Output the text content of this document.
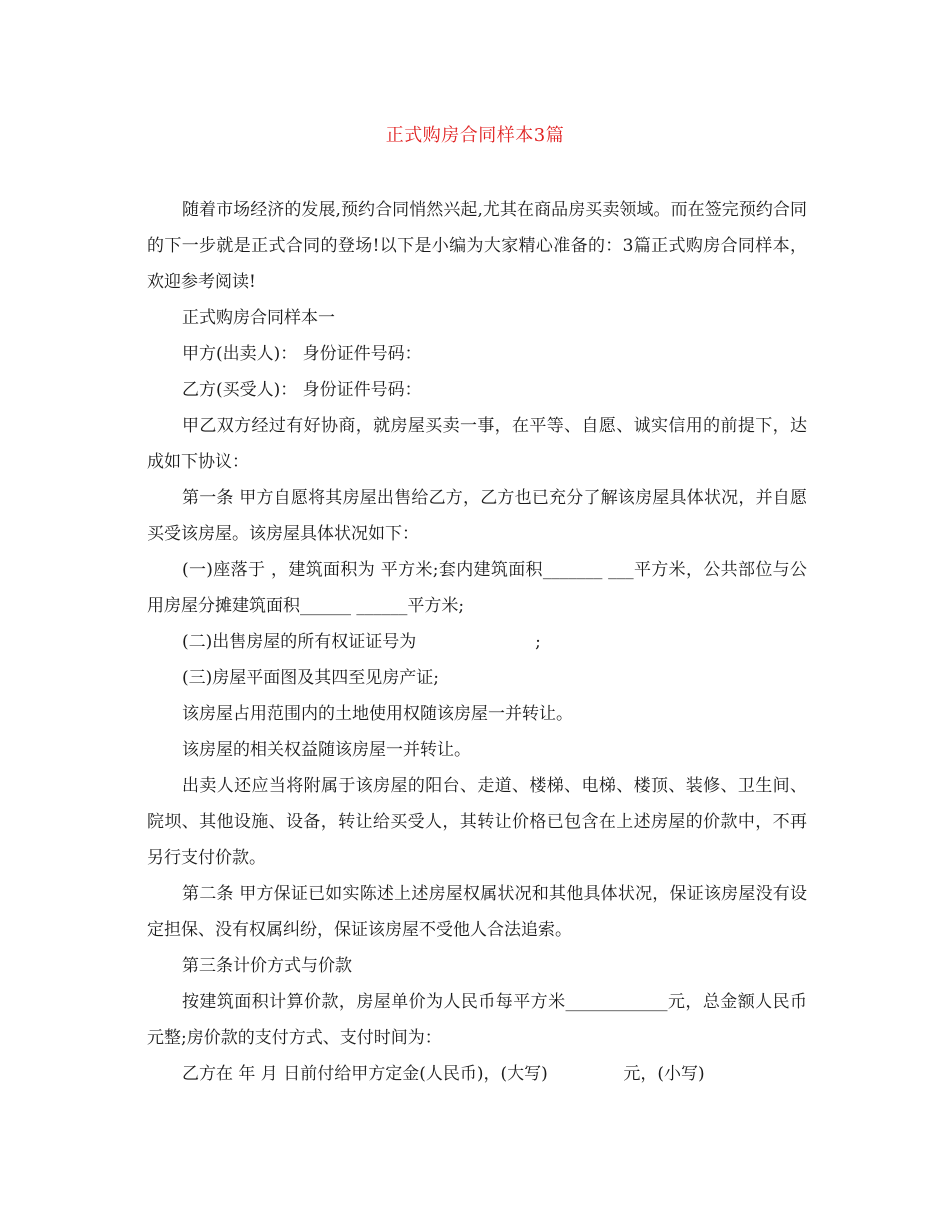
正式购房合同样本3篇

随着市场经济的发展,预约合同悄然兴起,尤其在商品房买卖领域。而在签完预约合同的下一步就是正式合同的登场!以下是小编为大家精心准备的：3篇正式购房合同样本，欢迎参考阅读!

正式购房合同样本一

甲方(出卖人)： 身份证件号码：

乙方(买受人)： 身份证件号码：

甲乙双方经过有好协商，就房屋买卖一事，在平等、自愿、诚实信用的前提下，达成如下协议：

第一条 甲方自愿将其房屋出售给乙方，乙方也已充分了解该房屋具体状况，并自愿买受该房屋。该房屋具体状况如下：

(一)座落于 ，建筑面积为 平方米;套内建筑面积_______ ___平方米，公共部位与公用房屋分摊建筑面积______ ______平方米;

(二)出售房屋的所有权证证号为                      ;

(三)房屋平面图及其四至见房产证;

该房屋占用范围内的土地使用权随该房屋一并转让。

该房屋的相关权益随该房屋一并转让。

出卖人还应当将附属于该房屋的阳台、走道、楼梯、电梯、楼顶、装修、卫生间、院坝、其他设施、设备，转让给买受人，其转让价格已包含在上述房屋的价款中，不再另行支付价款。

第二条 甲方保证已如实陈述上述房屋权属状况和其他具体状况，保证该房屋没有设定担保、没有权属纠纷，保证该房屋不受他人合法追索。

第三条计价方式与价款

按建筑面积计算价款，房屋单价为人民币每平方米____________元，总金额人民币 元整;房价款的支付方式、支付时间为：

乙方在 年 月 日前付给甲方定金(人民币)，(大写)              元，(小写)
